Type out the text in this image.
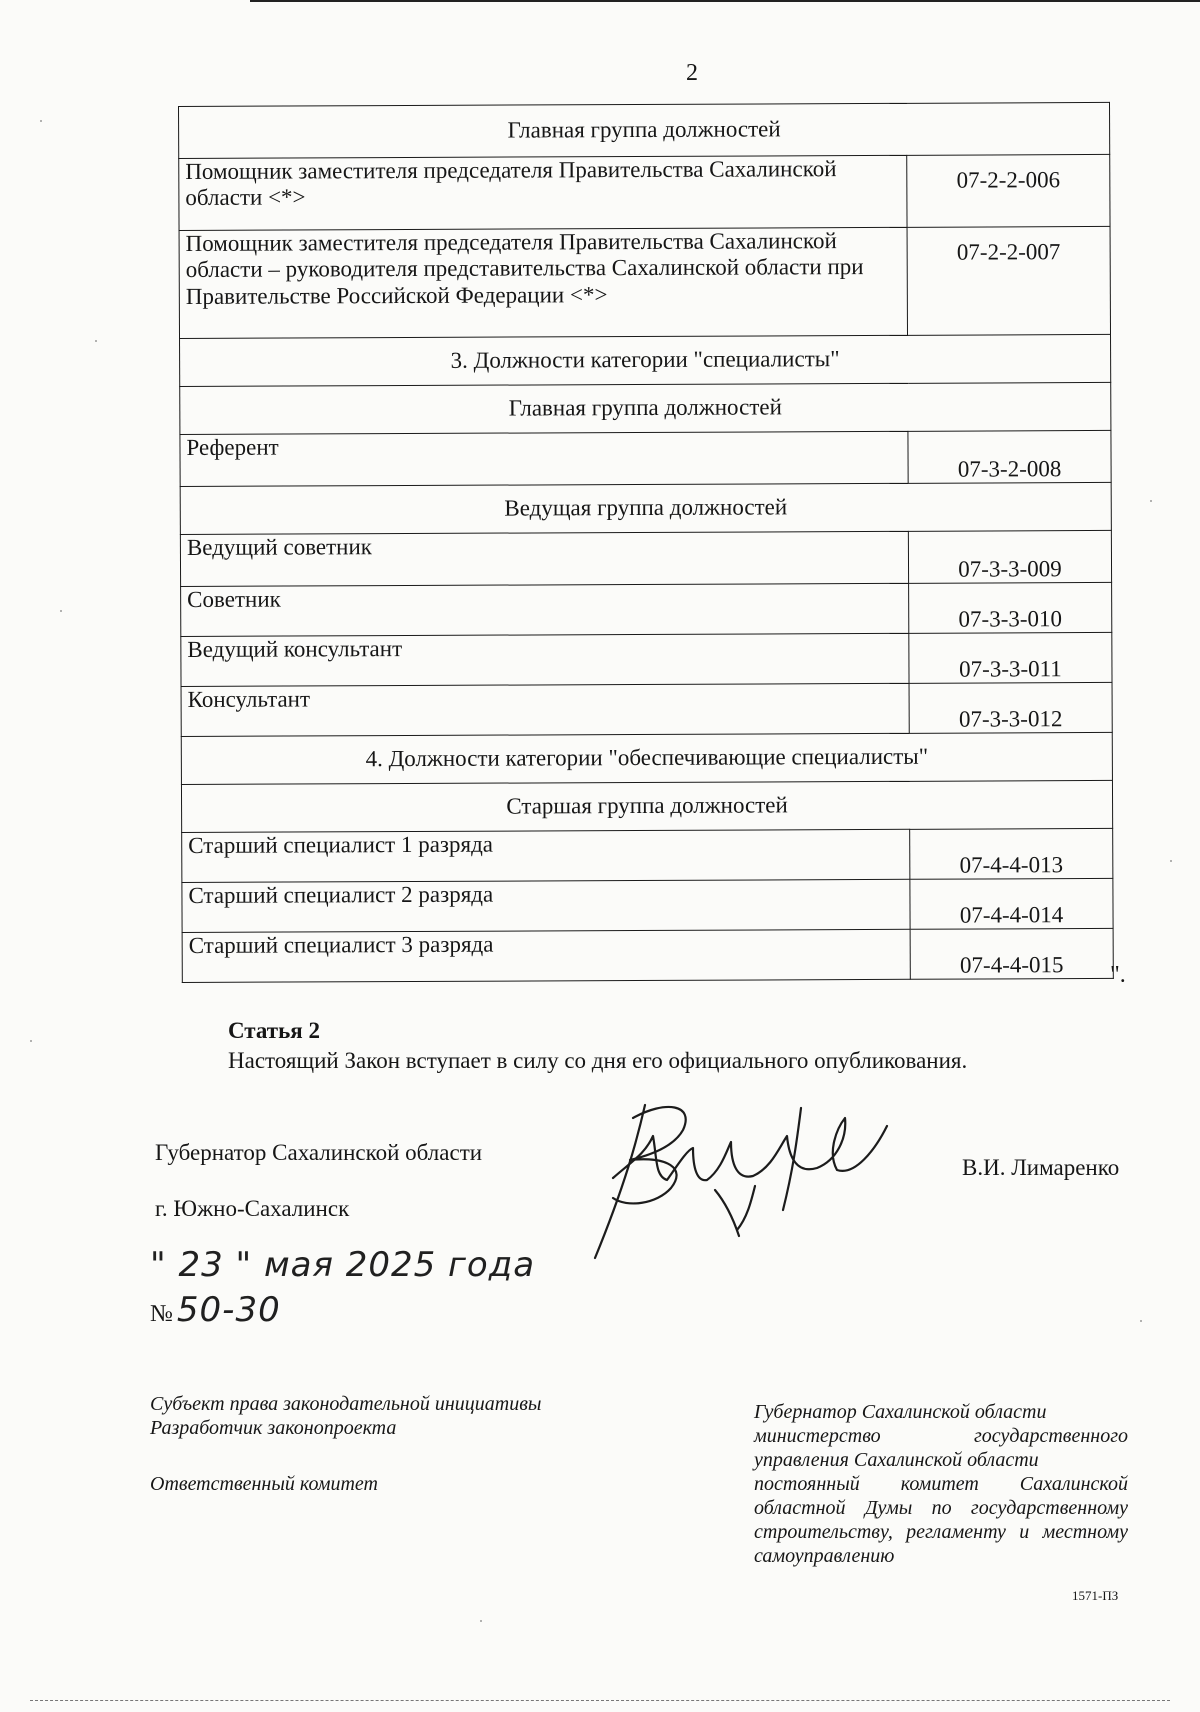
2
Главная группа должностей	
Помощник заместителя председателя Правительства Сахалинской области <*>	07-2-2-006
Помощник заместителя председателя Правительства Сахалинской области – руководителя представительства Сахалинской области при Правительстве Российской Федерации <*>	07-2-2-007
3. Должности категории "специалисты"	
Главная группа должностей	
Референт	07-3-2-008
Ведущая группа должностей	
Ведущий советник	07-3-3-009
Советник	07-3-3-010
Ведущий консультант	07-3-3-011
Консультант	07-3-3-012
4. Должности категории "обеспечивающие специалисты"	
Старшая группа должностей	
Старший специалист 1 разряда	07-4-4-013
Старший специалист 2 разряда	07-4-4-014
Старший специалист 3 разряда	07-4-4-015 ".
Статья 2
Настоящий Закон вступает в силу со дня его официального опубликования.
Губернатор Сахалинской области
г. Южно-Сахалинск
В.И. Лимаренко
" 23 " мая 2025 года
№ 50-30
Субъект права законодательной инициативы
Разработчик законопроекта
Ответственный комитет
Губернатор Сахалинской области
министерство государственного управления Сахалинской области
постоянный комитет Сахалинской областной Думы по государственному строительству, регламенту и местному самоуправлению
1571-ПЗ
